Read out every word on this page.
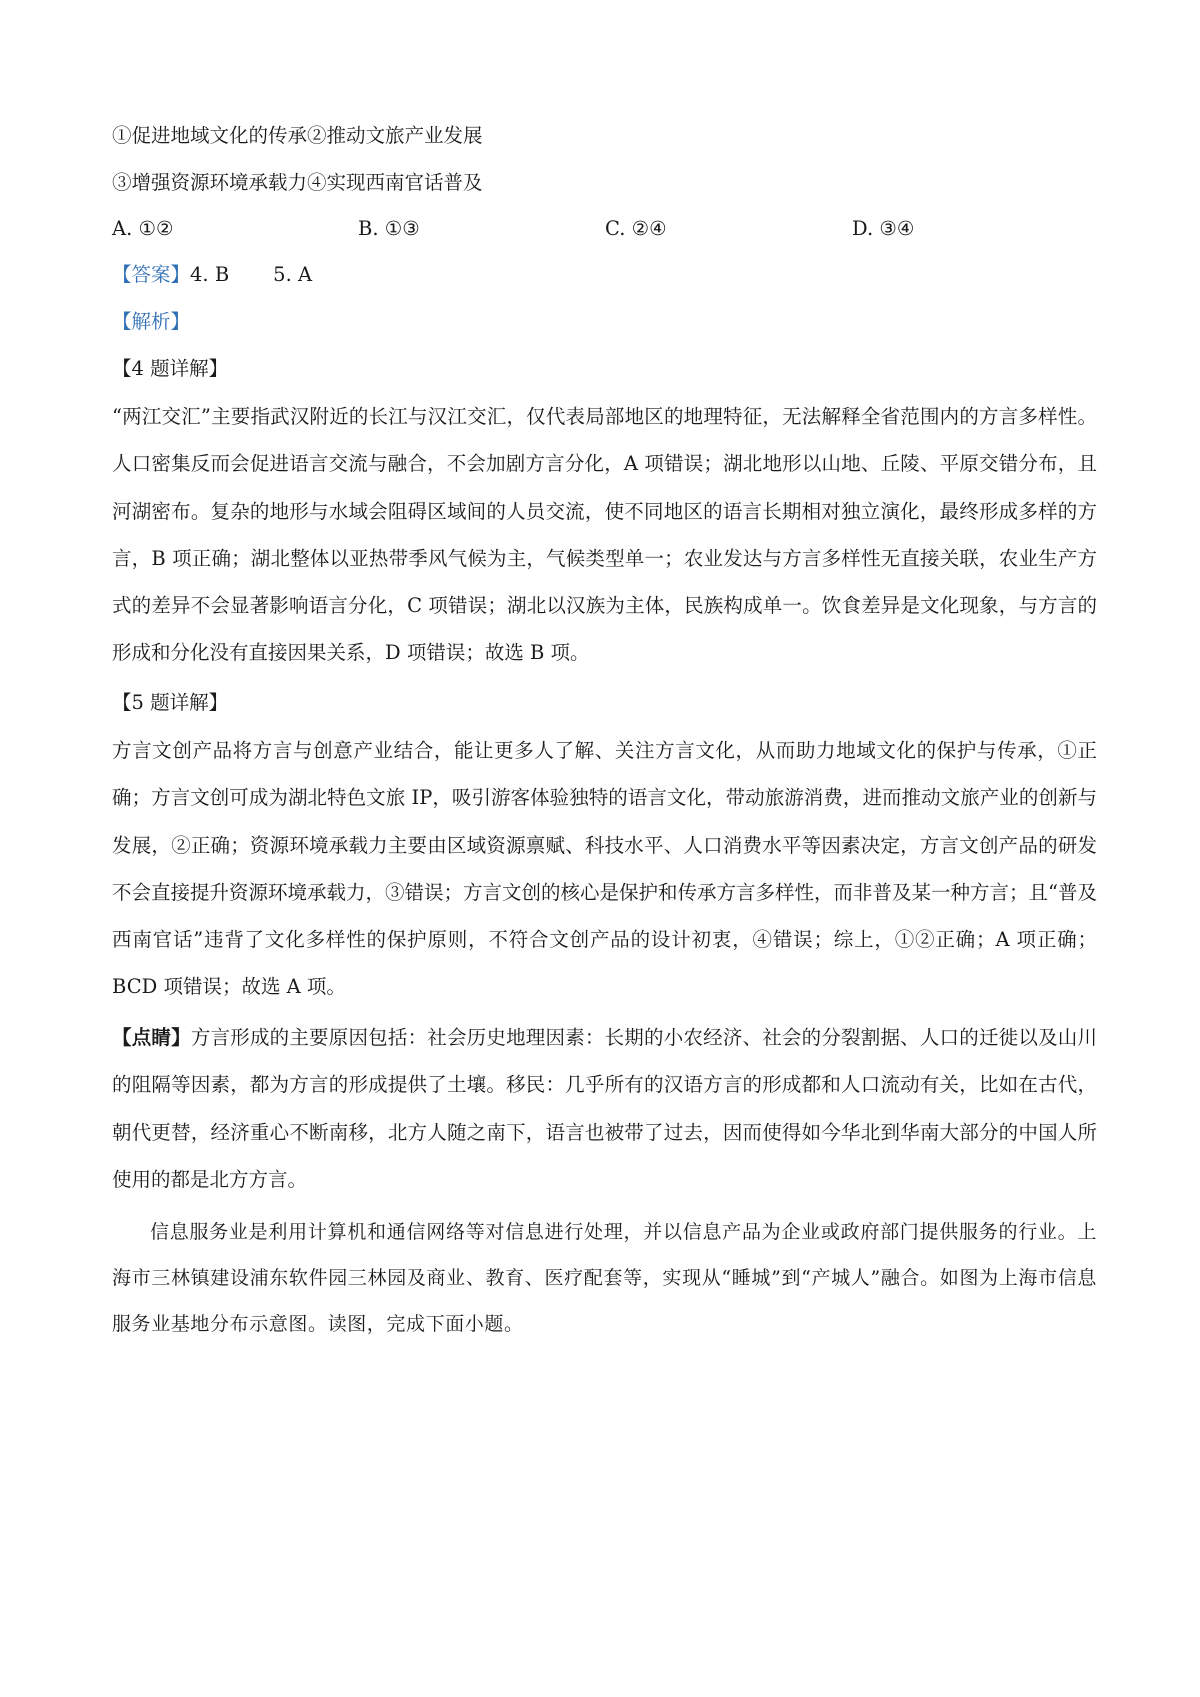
①促进地域文化的传承②推动文旅产业发展
③增强资源环境承载力④实现西南官话普及
A. ①②	B. ①③	C. ②④	D. ③④
【答案】4. B 5. A
【解析】
【4 题详解】
“两江交汇”主要指武汉附近的长江与汉江交汇，仅代表局部地区的地理特征，无法解释全省范围内的方言多样性。人口密集反而会促进语言交流与融合，不会加剧方言分化，A 项错误；湖北地形以山地、丘陵、平原交错分布，且河湖密布。复杂的地形与水域会阻碍区域间的人员交流，使不同地区的语言长期相对独立演化，最终形成多样的方言，B 项正确；湖北整体以亚热带季风气候为主，气候类型单一；农业发达与方言多样性无直接关联，农业生产方式的差异不会显著影响语言分化，C 项错误；湖北以汉族为主体，民族构成单一。饮食差异是文化现象，与方言的形成和分化没有直接因果关系，D 项错误；故选 B 项。
【5 题详解】
方言文创产品将方言与创意产业结合，能让更多人了解、关注方言文化，从而助力地域文化的保护与传承，①正确；方言文创可成为湖北特色文旅 IP，吸引游客体验独特的语言文化，带动旅游消费，进而推动文旅产业的创新与发展，②正确；资源环境承载力主要由区域资源禀赋、科技水平、人口消费水平等因素决定，方言文创产品的研发不会直接提升资源环境承载力，③错误；方言文创的核心是保护和传承方言多样性，而非普及某一种方言；且“普及西南官话”违背了文化多样性的保护原则，不符合文创产品的设计初衷，④错误；综上，①②正确；A 项正确；BCD 项错误；故选 A 项。
【点睛】方言形成的主要原因包括：社会历史地理因素：长期的小农经济、社会的分裂割据、人口的迁徙以及山川的阻隔等因素，都为方言的形成提供了土壤。移民：几乎所有的汉语方言的形成都和人口流动有关，比如在古代，朝代更替，经济重心不断南移，北方人随之南下，语言也被带了过去，因而使得如今华北到华南大部分的中国人所使用的都是北方方言。
信息服务业是利用计算机和通信网络等对信息进行处理，并以信息产品为企业或政府部门提供服务的行业。上海市三林镇建设浦东软件园三林园及商业、教育、医疗配套等，实现从“睡城”到“产城人”融合。如图为上海市信息服务业基地分布示意图。读图，完成下面小题。
